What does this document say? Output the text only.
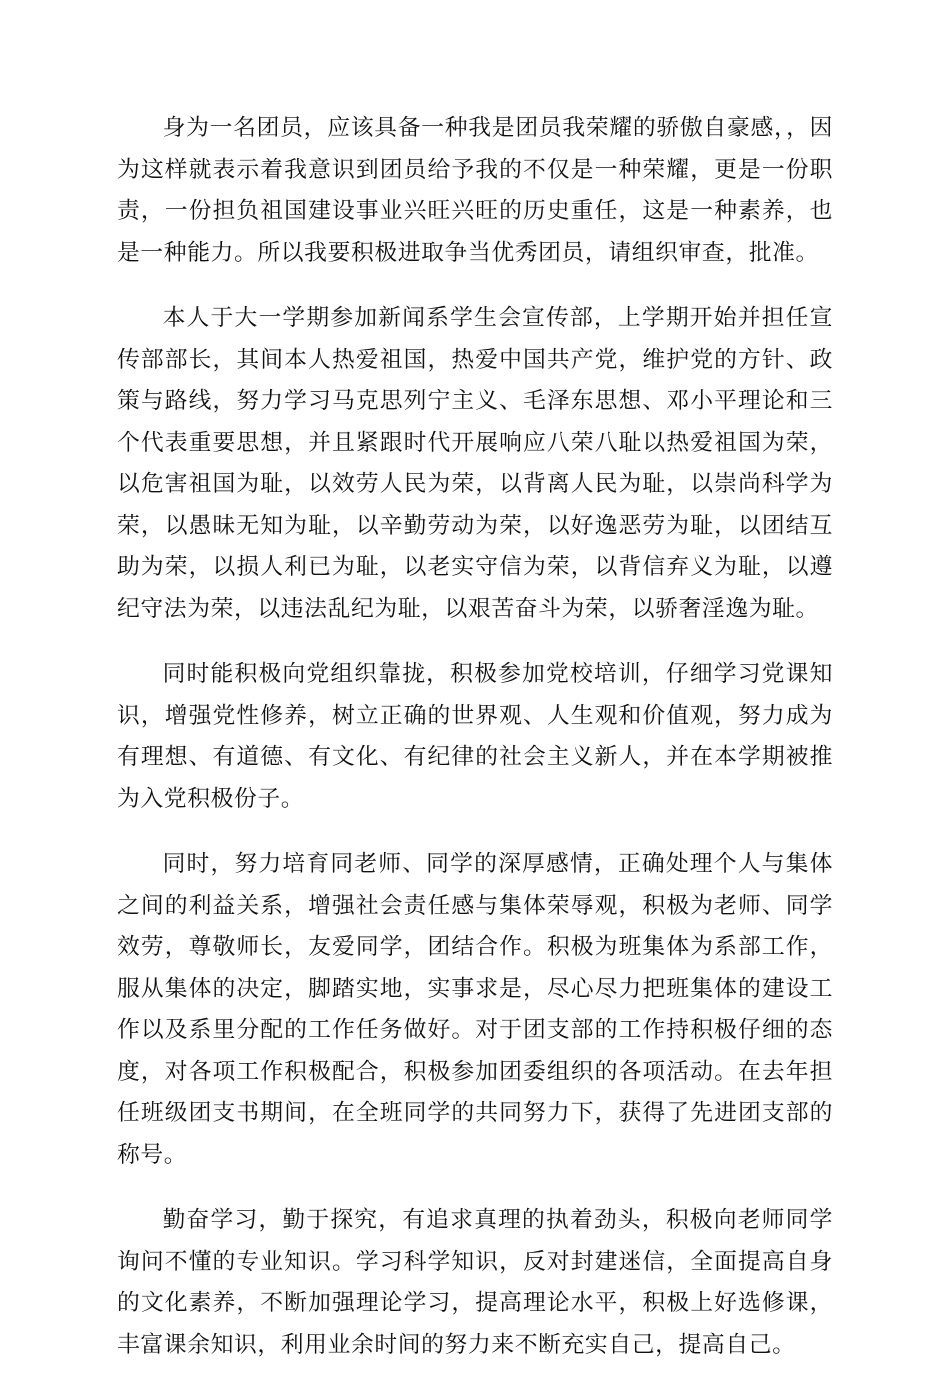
身为一名团员，应该具备一种我是团员我荣耀的骄傲自豪感，，因为这样就表示着我意识到团员给予我的不仅是一种荣耀，更是一份职责，一份担负祖国建设事业兴旺兴旺的历史重任，这是一种素养，也是一种能力。所以我要积极进取争当优秀团员，请组织审查，批准。

本人于大一学期参加新闻系学生会宣传部，上学期开始并担任宣传部部长，其间本人热爱祖国，热爱中国共产党，维护党的方针、政策与路线，努力学习马克思列宁主义、毛泽东思想、邓小平理论和三个代表重要思想，并且紧跟时代开展响应八荣八耻以热爱祖国为荣，以危害祖国为耻，以效劳人民为荣，以背离人民为耻，以崇尚科学为荣，以愚昧无知为耻，以辛勤劳动为荣，以好逸恶劳为耻，以团结互助为荣，以损人利已为耻，以老实守信为荣，以背信弃义为耻，以遵纪守法为荣，以违法乱纪为耻，以艰苦奋斗为荣，以骄奢淫逸为耻。

同时能积极向党组织靠拢，积极参加党校培训，仔细学习党课知识，增强党性修养，树立正确的世界观、人生观和价值观，努力成为有理想、有道德、有文化、有纪律的社会主义新人，并在本学期被推为入党积极份子。

同时，努力培育同老师、同学的深厚感情，正确处理个人与集体之间的利益关系，增强社会责任感与集体荣辱观，积极为老师、同学效劳，尊敬师长，友爱同学，团结合作。积极为班集体为系部工作，服从集体的决定，脚踏实地，实事求是，尽心尽力把班集体的建设工作以及系里分配的工作任务做好。对于团支部的工作持积极仔细的态度，对各项工作积极配合，积极参加团委组织的各项活动。在去年担任班级团支书期间，在全班同学的共同努力下，获得了先进团支部的称号。

勤奋学习，勤于探究，有追求真理的执着劲头，积极向老师同学询问不懂的专业知识。学习科学知识，反对封建迷信，全面提高自身的文化素养，不断加强理论学习，提高理论水平，积极上好选修课，丰富课余知识，利用业余时间的努力来不断充实自己，提高自己。
